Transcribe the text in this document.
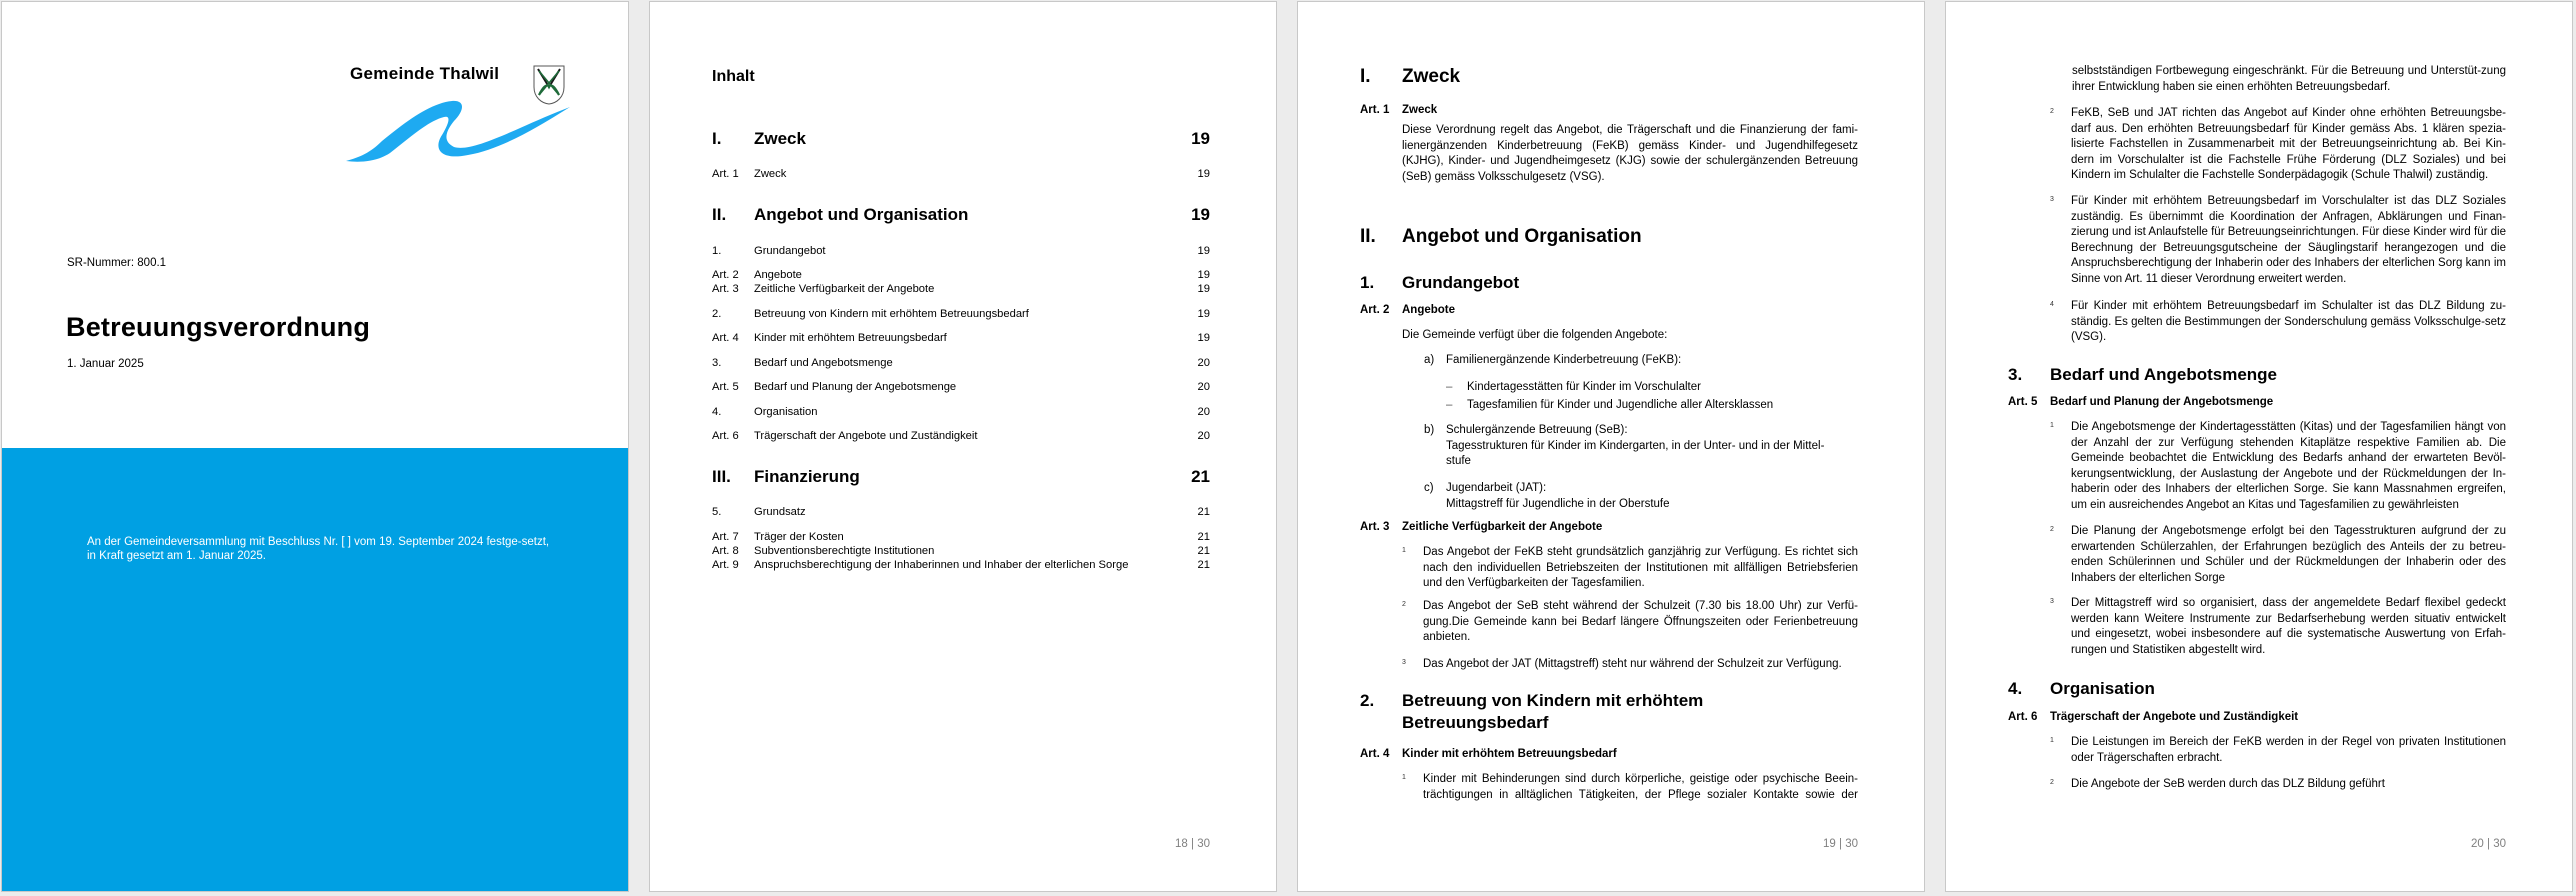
Gemeinde Thalwil
SR-Nummer: 800.1
Betreuungsverordnung
1. Januar 2025
An der Gemeindeversammlung mit Beschluss Nr. [ ] vom 19. September 2024 festge-setzt, in Kraft gesetzt am 1. Januar 2025.
Inhalt
I.	Zweck	19
Art. 1	Zweck	19
II.	Angebot und Organisation	19
1.	Grundangebot	19
Art. 2	Angebote	19
Art. 3	Zeitliche Verfügbarkeit der Angebote	19
2.	Betreuung von Kindern mit erhöhtem Betreuungsbedarf	19
Art. 4	Kinder mit erhöhtem Betreuungsbedarf	19
3.	Bedarf und Angebotsmenge	20
Art. 5	Bedarf und Planung der Angebotsmenge	20
4.	Organisation	20
Art. 6	Trägerschaft der Angebote und Zuständigkeit	20
III.	Finanzierung	21
5.	Grundsatz	21
Art. 7	Träger der Kosten	21
Art. 8	Subventionsberechtigte Institutionen	21
Art. 9	Anspruchsberechtigung der Inhaberinnen und Inhaber der elterlichen Sorge	21
18 | 30
I.	Zweck
Art. 1	Zweck
Diese Verordnung regelt das Angebot, die Trägerschaft und die Finanzierung der fami-lienergänzenden Kinderbetreuung (FeKB) gemäss Kinder- und Jugendhilfegesetz (KJHG), Kinder- und Jugendheimgesetz (KJG) sowie der schulergänzenden Betreuung (SeB) gemäss Volksschulgesetz (VSG).
II.	Angebot und Organisation
1.	Grundangebot
Art. 2	Angebote
Die Gemeinde verfügt über die folgenden Angebote:
a)	Familienergänzende Kinderbetreuung (FeKB):
–	Kindertagesstätten für Kinder im Vorschulalter
–	Tagesfamilien für Kinder und Jugendliche aller Altersklassen
b)	Schulergänzende Betreuung (SeB):
Tagesstrukturen für Kinder im Kindergarten, in der Unter- und in der Mittel-stufe
c)	Jugendarbeit (JAT):
Mittagstreff für Jugendliche in der Oberstufe
Art. 3	Zeitliche Verfügbarkeit der Angebote
1	Das Angebot der FeKB steht grundsätzlich ganzjährig zur Verfügung. Es richtet sich nach den individuellen Betriebszeiten der Institutionen mit allfälligen Betriebsferien und den Verfügbarkeiten der Tagesfamilien.
2	Das Angebot der SeB steht während der Schulzeit (7.30 bis 18.00 Uhr) zur Verfü-gung.Die Gemeinde kann bei Bedarf längere Öffnungszeiten oder Ferienbetreuung anbieten.
3	Das Angebot der JAT (Mittagstreff) steht nur während der Schulzeit zur Verfügung.
2.	Betreuung von Kindern mit erhöhtem
Betreuungsbedarf
Art. 4	Kinder mit erhöhtem Betreuungsbedarf
1	Kinder mit Behinderungen sind durch körperliche, geistige oder psychische Beein-trächtigungen in alltäglichen Tätigkeiten, der Pflege sozialer Kontakte sowie der
19 | 30
selbstständigen Fortbewegung eingeschränkt. Für die Betreuung und Unterstüt-zung ihrer Entwicklung haben sie einen erhöhten Betreuungsbedarf.
2	FeKB, SeB und JAT richten das Angebot auf Kinder ohne erhöhten Betreuungsbe-darf aus. Den erhöhten Betreuungsbedarf für Kinder gemäss Abs. 1 klären spezia-lisierte Fachstellen in Zusammenarbeit mit der Betreuungseinrichtung ab. Bei Kin-dern im Vorschulalter ist die Fachstelle Frühe Förderung (DLZ Soziales) und bei Kindern im Schulalter die Fachstelle Sonderpädagogik (Schule Thalwil) zuständig.
3	Für Kinder mit erhöhtem Betreuungsbedarf im Vorschulalter ist das DLZ Soziales zuständig. Es übernimmt die Koordination der Anfragen, Abklärungen und Finan-zierung und ist Anlaufstelle für Betreuungseinrichtungen. Für diese Kinder wird für die Berechnung der Betreuungsgutscheine der Säuglingstarif herangezogen und die Anspruchsberechtigung der Inhaberin oder des Inhabers der elterlichen Sorg kann im Sinne von Art. 11 dieser Verordnung erweitert werden.
4	Für Kinder mit erhöhtem Betreuungsbedarf im Schulalter ist das DLZ Bildung zu-ständig. Es gelten die Bestimmungen der Sonderschulung gemäss Volksschulge-setz (VSG).
3.	Bedarf und Angebotsmenge
Art. 5	Bedarf und Planung der Angebotsmenge
1	Die Angebotsmenge der Kindertagesstätten (Kitas) und der Tagesfamilien hängt von der Anzahl der zur Verfügung stehenden Kitaplätze respektive Familien ab. Die Gemeinde beobachtet die Entwicklung des Bedarfs anhand der erwarteten Bevöl-kerungsentwicklung, der Auslastung der Angebote und der Rückmeldungen der In-haberin oder des Inhabers der elterlichen Sorge. Sie kann Massnahmen ergreifen, um ein ausreichendes Angebot an Kitas und Tagesfamilien zu gewährleisten
2	Die Planung der Angebotsmenge erfolgt bei den Tagesstrukturen aufgrund der zu erwartenden Schülerzahlen, der Erfahrungen bezüglich des Anteils der zu betreu-enden Schülerinnen und Schüler und der Rückmeldungen der Inhaberin oder des Inhabers der elterlichen Sorge
3	Der Mittagstreff wird so organisiert, dass der angemeldete Bedarf flexibel gedeckt werden kann Weitere Instrumente zur Bedarfserhebung werden situativ entwickelt und eingesetzt, wobei insbesondere auf die systematische Auswertung von Erfah-rungen und Statistiken abgestellt wird.
4.	Organisation
Art. 6	Trägerschaft der Angebote und Zuständigkeit
1	Die Leistungen im Bereich der FeKB werden in der Regel von privaten Institutionen oder Trägerschaften erbracht.
2	Die Angebote der SeB werden durch das DLZ Bildung geführt
20 | 30
